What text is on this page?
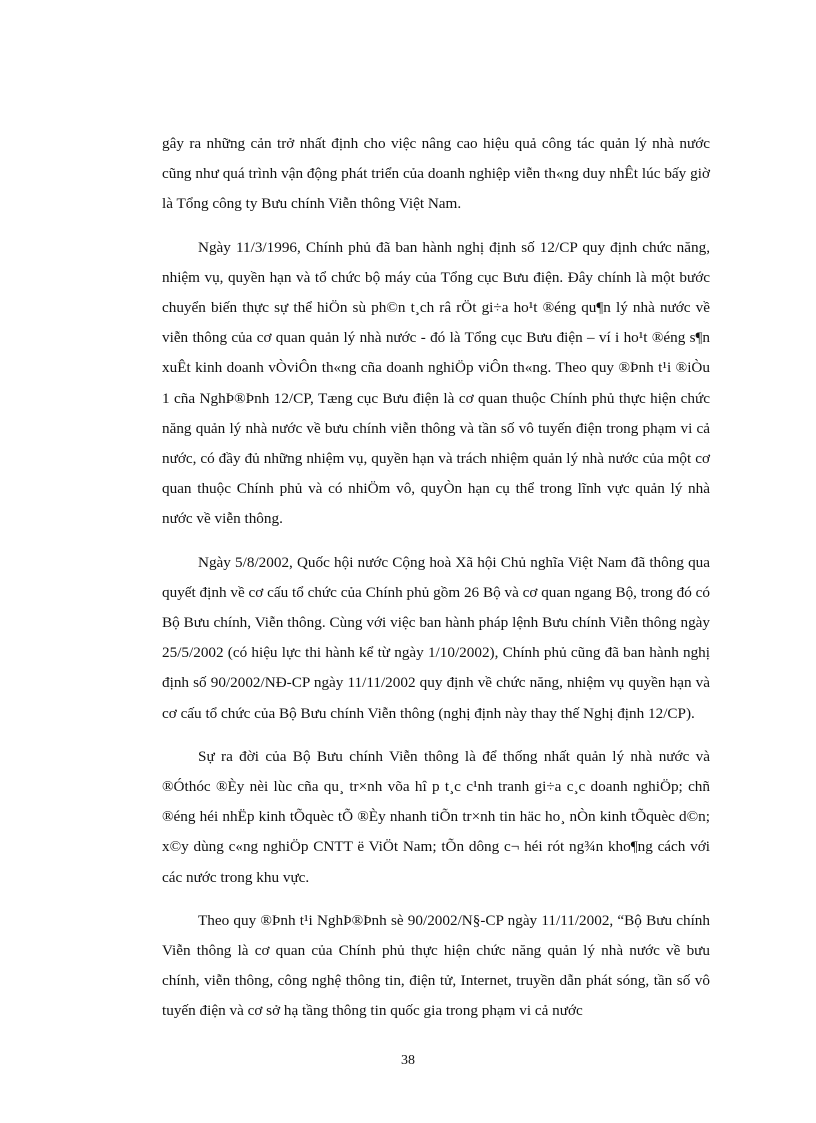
gây ra những cản trở nhất định cho việc nâng cao hiệu quả công tác quản lý nhà nước cũng như quá trình vận động phát triển của doanh nghiệp viễn th«ng duy nhÊt lúc bấy giờ là Tổng công ty Bưu chính Viễn thông Việt Nam.

Ngày 11/3/1996, Chính phủ đã ban hành nghị định số 12/CP quy định chức năng, nhiệm vụ, quyền hạn và tổ chức bộ máy của Tổng cục Bưu điện. Đây chính là một bước chuyển biến thực sự thể hiÖn sù ph©n t¸ch râ rÖt gi÷a ho¹t ®éng qu¶n lý nhà nước về viễn thông của cơ quan quản lý nhà nước - đó là Tổng cục Bưu điện – ví i ho¹t ®éng s¶n xuÊt kinh doanh vÒviÔn th«ng cña doanh nghiÖp viÔn th«ng. Theo quy ®Þnh t¹i ®iÒu 1 cña NghÞ®Þnh 12/CP, Tæng cục Bưu điện là cơ quan thuộc Chính phủ thực hiện chức năng quản lý nhà nước về bưu chính viễn thông và tần số vô tuyến điện trong phạm vi cả nước, có đầy đủ những nhiệm vụ, quyền hạn và trách nhiệm quản lý nhà nước của một cơ quan thuộc Chính phủ và có nhiÖm vô, quyÒn hạn cụ thể trong lĩnh vực quản lý nhà nước về viễn thông.

Ngày 5/8/2002, Quốc hội nước Cộng hoà Xã hội Chủ nghĩa Việt Nam đã thông qua quyết định về cơ cấu tổ chức của Chính phủ gồm 26 Bộ và cơ quan ngang Bộ, trong đó có Bộ Bưu chính, Viễn thông. Cùng với việc ban hành pháp lệnh Bưu chính Viễn thông ngày 25/5/2002 (có hiệu lực thi hành kể từ ngày 1/10/2002), Chính phủ cũng đã ban hành nghị định số 90/2002/NĐ-CP ngày 11/11/2002 quy định về chức năng, nhiệm vụ quyền hạn và cơ cấu tổ chức của Bộ Bưu chính Viễn thông (nghị định này thay thế Nghị định 12/CP).

Sự ra đời của Bộ Bưu chính Viễn thông là để thống nhất quản lý nhà nước và ®Óthóc ®Èy nèi lùc cña qu¸ tr×nh võa hî p t¸c c¹nh tranh gi÷a c¸c doanh nghiÖp; chñ ®éng héi nhËp kinh tÕquèc tÕ ®Èy nhanh tiÕn tr×nh tin häc ho¸ nÒn kinh tÕquèc d©n; x©y dùng c«ng nghiÖp CNTT ë ViÖt Nam; tÕn dông c¬ héi rót ng¾n kho¶ng cách với các nước trong khu vực.

Theo quy ®Þnh t¹i NghÞ®Þnh sè 90/2002/N§-CP ngày 11/11/2002, “Bộ Bưu chính Viễn thông là cơ quan của Chính phủ thực hiện chức năng quản lý nhà nước về bưu chính, viễn thông, công nghệ thông tin, điện tử, Internet, truyền dẫn phát sóng, tần số vô tuyến điện và cơ sở hạ tầng thông tin quốc gia trong phạm vi cả nước

38
